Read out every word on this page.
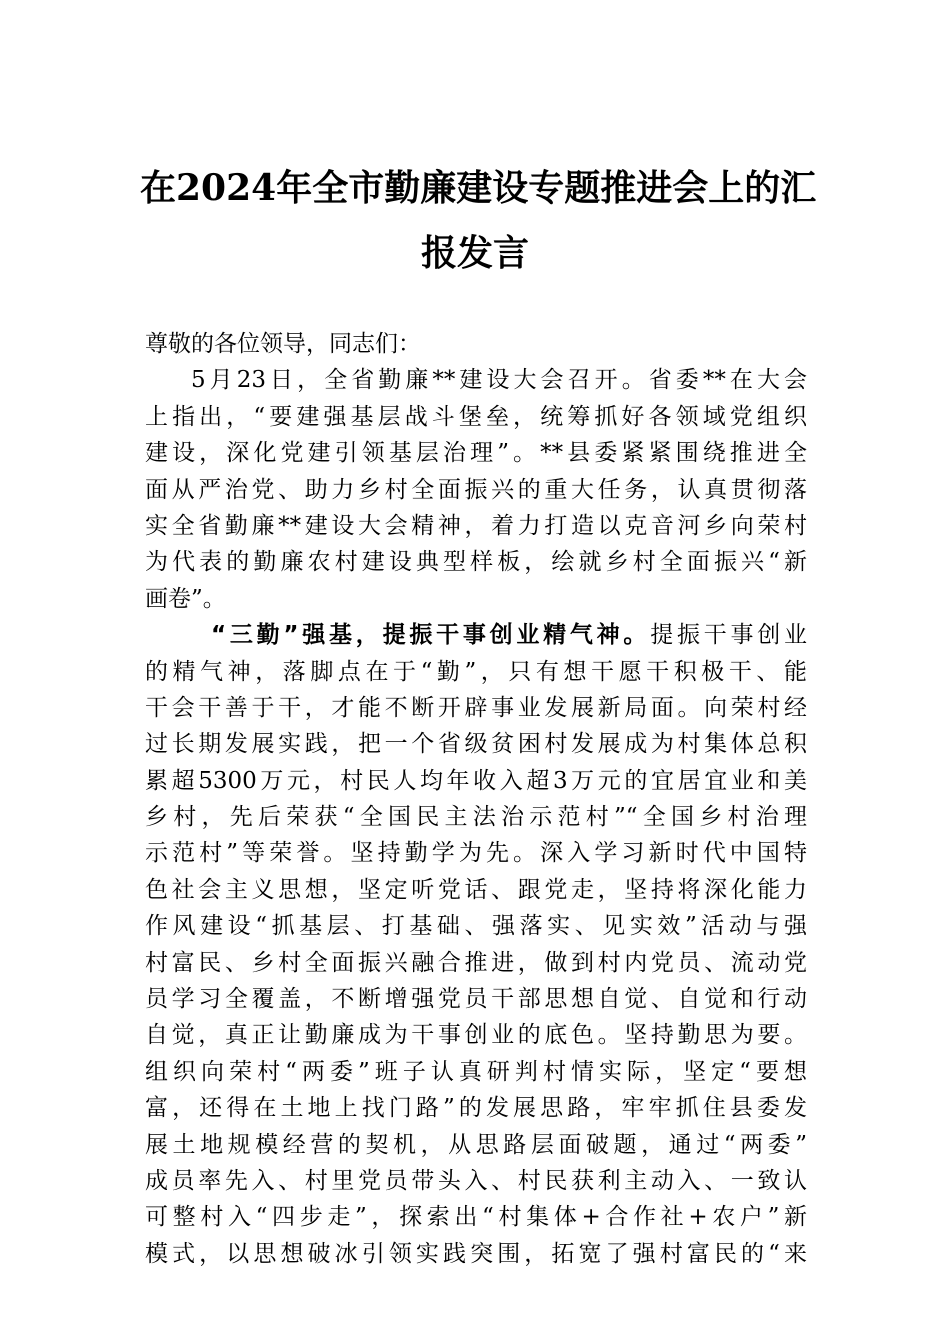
在2024年全市勤廉建设专题推进会上的汇
报发言
尊敬的各位领导，同志们：
5月23日，全省勤廉**建设大会召开。省委**在大会
上指出，“要建强基层战斗堡垒，统筹抓好各领域党组织
建设，深化党建引领基层治理”。**县委紧紧围绕推进全
面从严治党、助力乡村全面振兴的重大任务，认真贯彻落
实全省勤廉**建设大会精神，着力打造以克音河乡向荣村
为代表的勤廉农村建设典型样板，绘就乡村全面振兴“新
画卷”。
“三勤”强基，提振干事创业精气神。提振干事创业
的精气神，落脚点在于“勤”，只有想干愿干积极干、能
干会干善于干，才能不断开辟事业发展新局面。向荣村经
过长期发展实践，把一个省级贫困村发展成为村集体总积
累超5300万元，村民人均年收入超3万元的宜居宜业和美
乡村，先后荣获“全国民主法治示范村”“全国乡村治理
示范村”等荣誉。坚持勤学为先。深入学习新时代中国特
色社会主义思想，坚定听党话、跟党走，坚持将深化能力
作风建设“抓基层、打基础、强落实、见实效”活动与强
村富民、乡村全面振兴融合推进，做到村内党员、流动党
员学习全覆盖，不断增强党员干部思想自觉、自觉和行动
自觉，真正让勤廉成为干事创业的底色。坚持勤思为要。
组织向荣村“两委”班子认真研判村情实际，坚定“要想
富，还得在土地上找门路”的发展思路，牢牢抓住县委发
展土地规模经营的契机，从思路层面破题，通过“两委”
成员率先入、村里党员带头入、村民获利主动入、一致认
可整村入“四步走”，探索出“村集体+合作社+农户”新
模式，以思想破冰引领实践突围，拓宽了强村富民的“来
